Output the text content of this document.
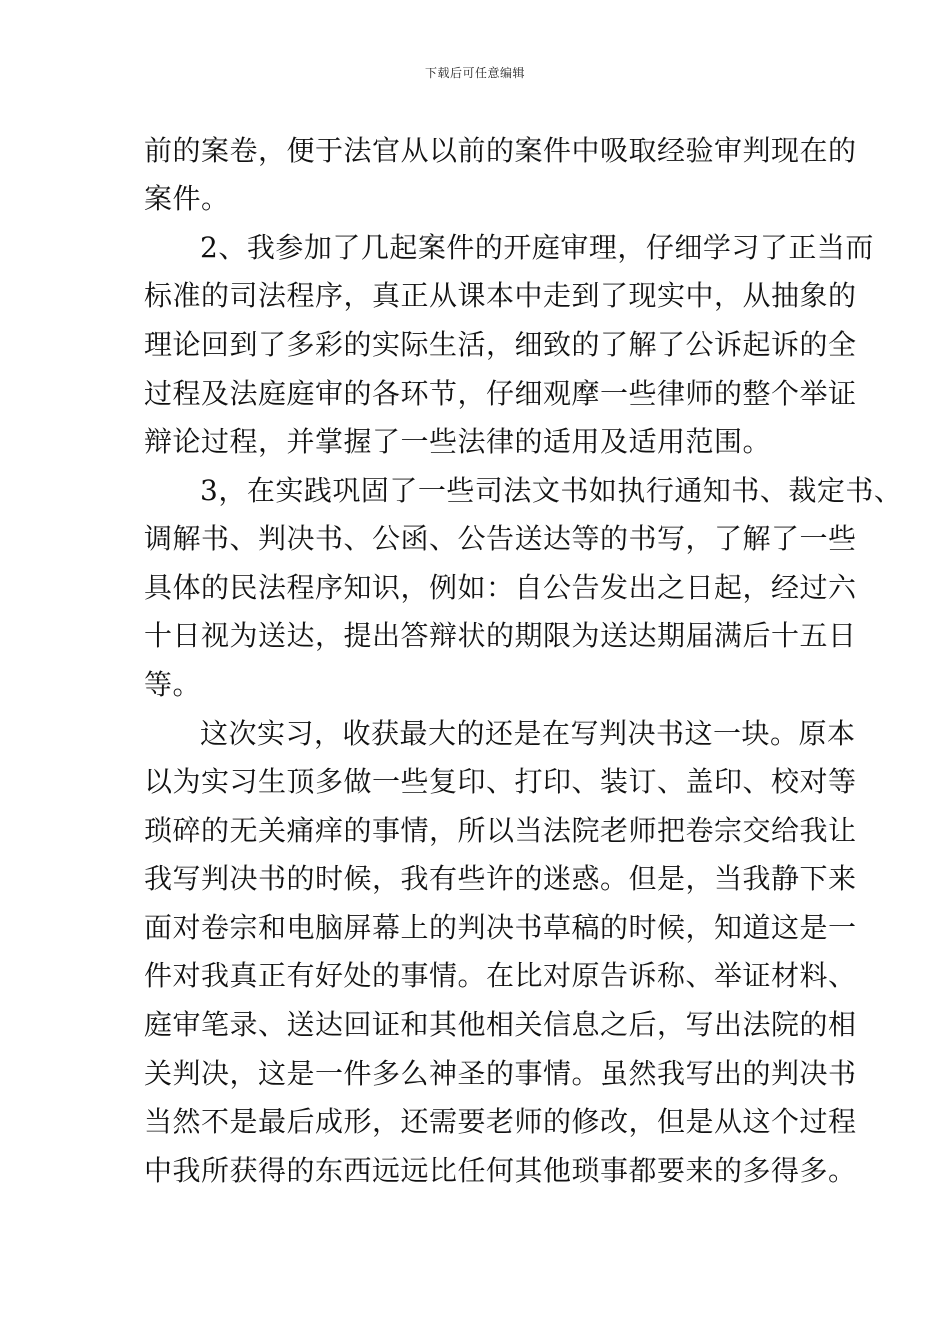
下载后可任意编辑
前的案卷，便于法官从以前的案件中吸取经验审判现在的
案件。
2、我参加了几起案件的开庭审理，仔细学习了正当而
标准的司法程序，真正从课本中走到了现实中，从抽象的
理论回到了多彩的实际生活，细致的了解了公诉起诉的全
过程及法庭庭审的各环节，仔细观摩一些律师的整个举证
辩论过程，并掌握了一些法律的适用及适用范围。
3，在实践巩固了一些司法文书如执行通知书、裁定书、
调解书、判决书、公函、公告送达等的书写，了解了一些
具体的民法程序知识，例如：自公告发出之日起，经过六
十日视为送达，提出答辩状的期限为送达期届满后十五日
等。
这次实习，收获最大的还是在写判决书这一块。原本
以为实习生顶多做一些复印、打印、装订、盖印、校对等
琐碎的无关痛痒的事情，所以当法院老师把卷宗交给我让
我写判决书的时候，我有些许的迷惑。但是，当我静下来
面对卷宗和电脑屏幕上的判决书草稿的时候，知道这是一
件对我真正有好处的事情。在比对原告诉称、举证材料、
庭审笔录、送达回证和其他相关信息之后，写出法院的相
关判决，这是一件多么神圣的事情。虽然我写出的判决书
当然不是最后成形，还需要老师的修改，但是从这个过程
中我所获得的东西远远比任何其他琐事都要来的多得多。
